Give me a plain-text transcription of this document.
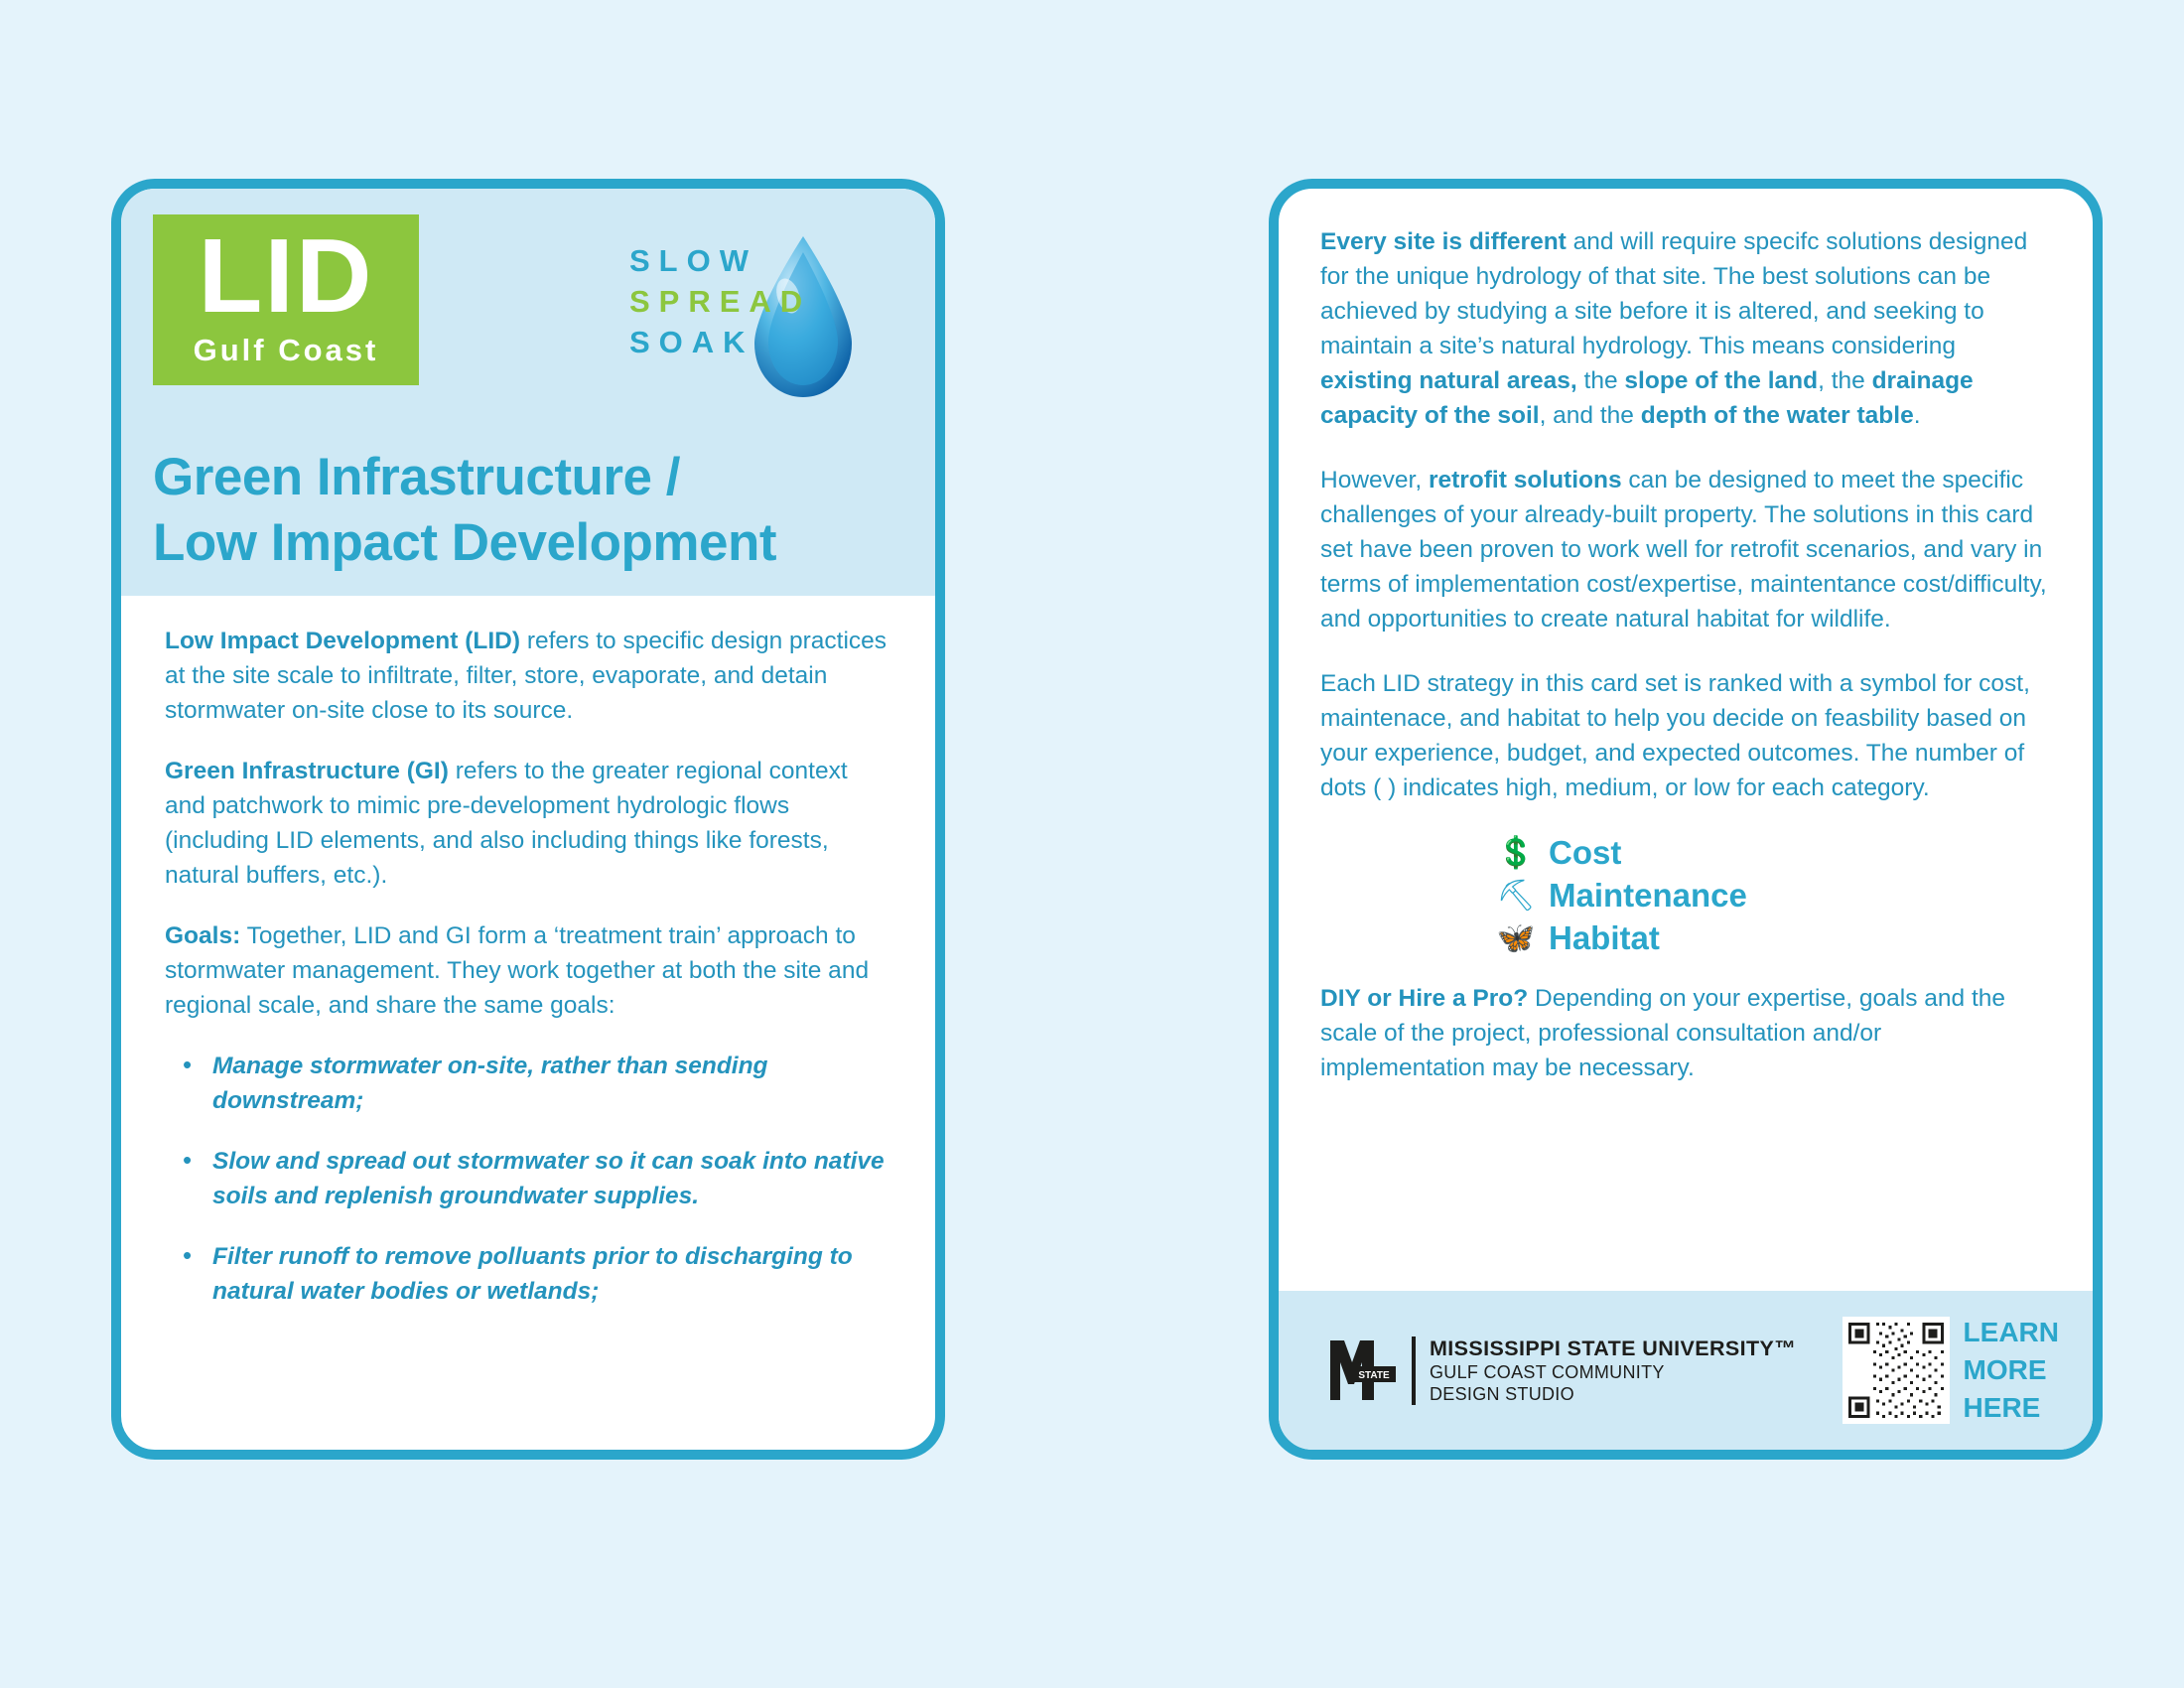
LID
Gulf Coast
SLOW
SPREAD
SOAK
Green Infrastructure /
Low Impact Development

Low Impact Development (LID) refers to specific design practices at the site scale to infiltrate, filter, store, evaporate, and detain stormwater on-site close to its source.

Green Infrastructure (GI) refers to the greater regional context and patchwork to mimic pre-development hydrologic flows (including LID elements, and also including things like forests, natural buffers, etc.).

Goals: Together, LID and GI form a ‘treatment train’ approach to stormwater management. They work together at both the site and regional scale, and share the same goals:

• Manage stormwater on-site, rather than sending downstream;
• Slow and spread out stormwater so it can soak into native soils and replenish groundwater supplies.
• Filter runoff to remove polluants prior to discharging to natural water bodies or wetlands;

Every site is different and will require specifc solutions designed for the unique hydrology of that site. The best solutions can be achieved by studying a site before it is altered, and seeking to maintain a site’s natural hydrology. This means considering existing natural areas, the slope of the land, the drainage capacity of the soil, and the depth of the water table.

However, retrofit solutions can be designed to meet the specific challenges of your already-built property. The solutions in this card set have been proven to work well for retrofit scenarios, and vary in terms of implementation cost/expertise, maintentance cost/difficulty, and opportunities to create natural habitat for wildlife.

Each LID strategy in this card set is ranked with a symbol for cost, maintenace, and habitat to help you decide on feasbility based on your experience, budget, and expected outcomes. The number of dots ( ) indicates high, medium, or low for each category.

💲 Cost
⛏ Maintenance
🦋 Habitat

DIY or Hire a Pro? Depending on your expertise, goals and the scale of the project, professional consultation and/or implementation may be necessary.

STATE
MISSISSIPPI STATE UNIVERSITY™
GULF COAST COMMUNITY
DESIGN STUDIO
LEARN
MORE
HERE
